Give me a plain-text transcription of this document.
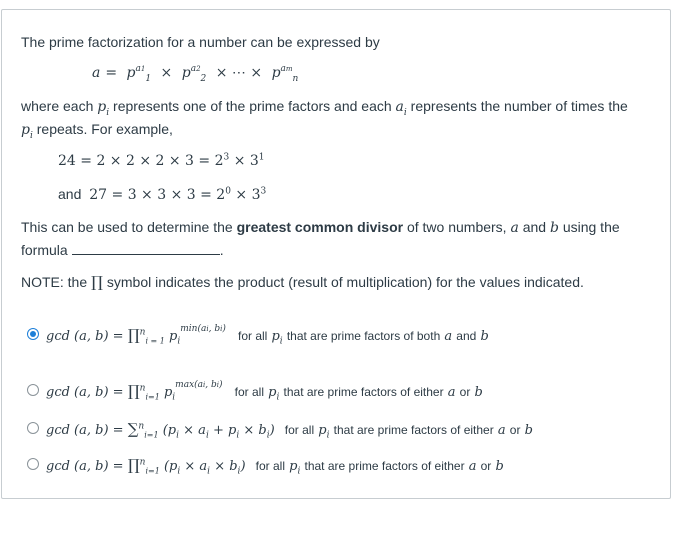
The prime factorization for a number can be expressed by
$a = p^{a1}_1 \times p^{a2}_2$ × ⋯ × $p^{am}_n$
where each $p_i$ represents one of the prime factors and each $a_i$ represents the number of times the
$p_i$ repeats. For example,
$24 = 2 \times 2 \times 2 \times 3 = 2^3 \times 3^1$
and $27 = 3 \times 3 \times 3 = 2^0 \times 3^3$
This can be used to determine the greatest common divisor of two numbers, a and b using the
formula	.
NOTE: the ∏ symbol indicates the product (result of multiplication) for the values indicated.
gcd (a, b) = ∏$^n_{i = 1}$ $p_i^{min(ai, bi)}$ for all $p_i$ that are prime factors of both a and b
gcd (a, b) = ∏$^n_{i=1}$ $p_i^{max(ai, bi)}$ for all $p_i$ that are prime factors of either a or b
gcd (a, b) = ∑$^n_{i=1}$ $(p_i \times a_i + p_i \times b_i)$ for all $p_i$ that are prime factors of either a or b
gcd (a, b) = ∏$^n_{i=1}$ $(p_i \times a_i \times b_i)$ for all $p_i$ that are prime factors of either a or b
